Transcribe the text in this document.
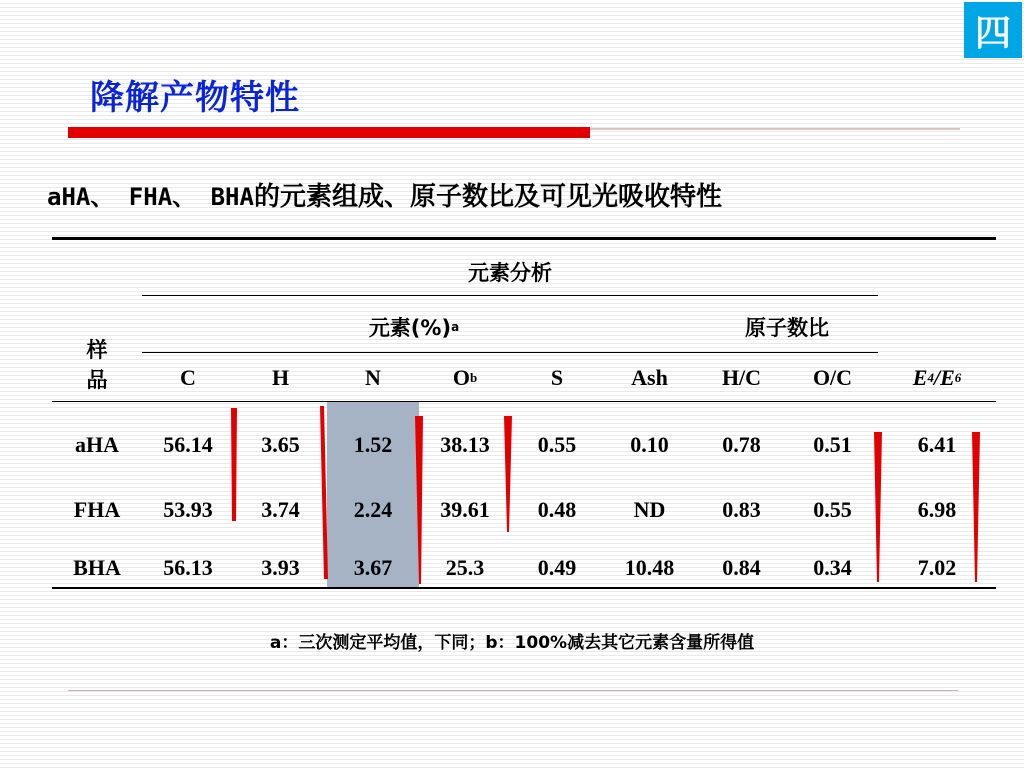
四
降解产物特性
aHA、 FHA、 BHA的元素组成、原子数比及可见光吸收特性
样
品
元素分析
元素(%) a	原子数比
C	H	N	O b	S	Ash	H/C	O/C	E 4 / E 6
aHA	56.14	3.65	1.52	38.13	0.55	0.10	0.78	0.51	6.41
FHA	53.93	3.74	2.24	39.61	0.48	ND	0.83	0.55	6.98
BHA	56.13	3.93	3.67	25.3	0.49	10.48	0.84	0.34	7.02
a：三次测定平均值，下同；b：100%减去其它元素含量所得值
